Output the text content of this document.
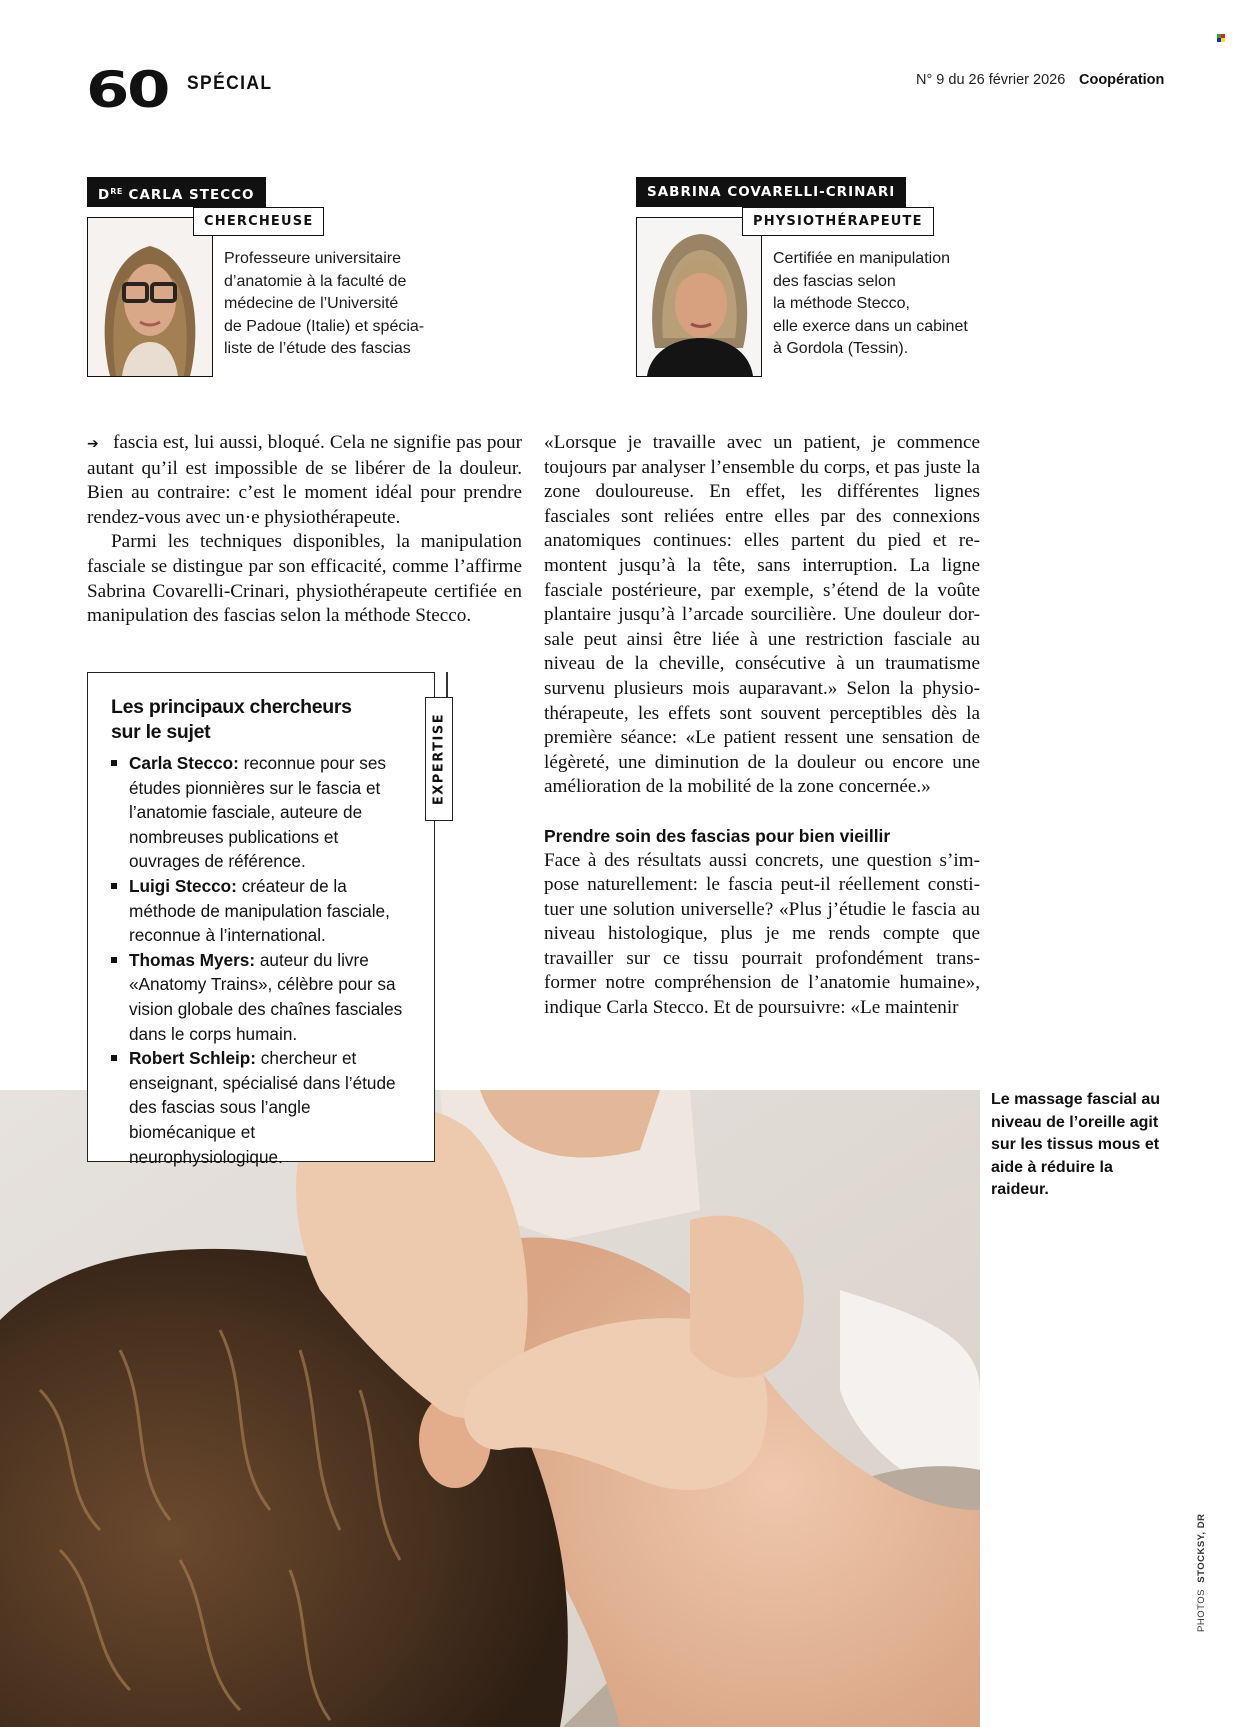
60 SPÉCIAL	N° 9 du 26 février 2026 Coopération
DRE CARLA STECCO
CHERCHEUSE
Professeure universitaire
d’anatomie à la faculté de
médecine de l’Université
de Padoue (Italie) et spécia-
liste de l’étude des fascias
SABRINA COVARELLI-CRINARI
PHYSIOTHÉRAPEUTE
Certifiée en manipulation
des fascias selon
la méthode Stecco,
elle exerce dans un cabinet
à Gordola (Tessin).

➔ fascia est, lui aussi, bloqué. Cela ne signifie pas pour autant qu’il est impossible de se libérer de la douleur. Bien au contraire: c’est le moment idéal pour prendre rendez-vous avec un·e physiothérapeute.

Parmi les techniques disponibles, la manipulation fasciale se distingue par son efficacité, comme l’affirme Sabrina Covarelli-Crinari, physiothérapeute certifiée en manipulation des fascias selon la méthode Stecco.

«Lorsque je travaille avec un patient, je commence toujours par analyser l’ensemble du corps, et pas juste la zone douloureuse. En effet, les différentes lignes fasciales sont reliées entre elles par des connexions anatomiques continues: elles partent du pied et re-montent jusqu’à la tête, sans interruption. La ligne fasciale postérieure, par exemple, s’étend de la voûte plantaire jusqu’à l’arcade sourcilière. Une douleur dor-sale peut ainsi être liée à une restriction fasciale au niveau de la cheville, consécutive à un traumatisme survenu plusieurs mois auparavant.» Selon la physio-thérapeute, les effets sont souvent perceptibles dès la première séance: «Le patient ressent une sensation de légèreté, une diminution de la douleur ou encore une amélioration de la mobilité de la zone concernée.»

Prendre soin des fascias pour bien vieillir

Face à des résultats aussi concrets, une question s’im-pose naturellement: le fascia peut-il réellement consti-tuer une solution universelle? «Plus j’étudie le fascia au niveau histologique, plus je me rends compte que travailler sur ce tissu pourrait profondément trans-former notre compréhension de l’anatomie humaine», indique Carla Stecco. Et de poursuivre: «Le maintenir

Les principaux chercheurs
sur le sujet
Carla Stecco: reconnue pour ses études pionnières sur le fascia et l’anatomie fasciale, auteure de nombreuses publications et ouvrages de référence.
Luigi Stecco: créateur de la méthode de manipulation fasciale, reconnue à l’international.
Thomas Myers: auteur du livre «Anatomy Trains», célèbre pour sa vision globale des chaînes fasciales dans le corps humain.
Robert Schleip: chercheur et enseignant, spécialisé dans l’étude des fascias sous l’angle biomécanique et neurophysiologique.
EXPERTISE
Le massage fascial au niveau de l’oreille agit sur les tissus mous et aide à réduire la raideur.
PHOTOS  STOCKSY, DR
